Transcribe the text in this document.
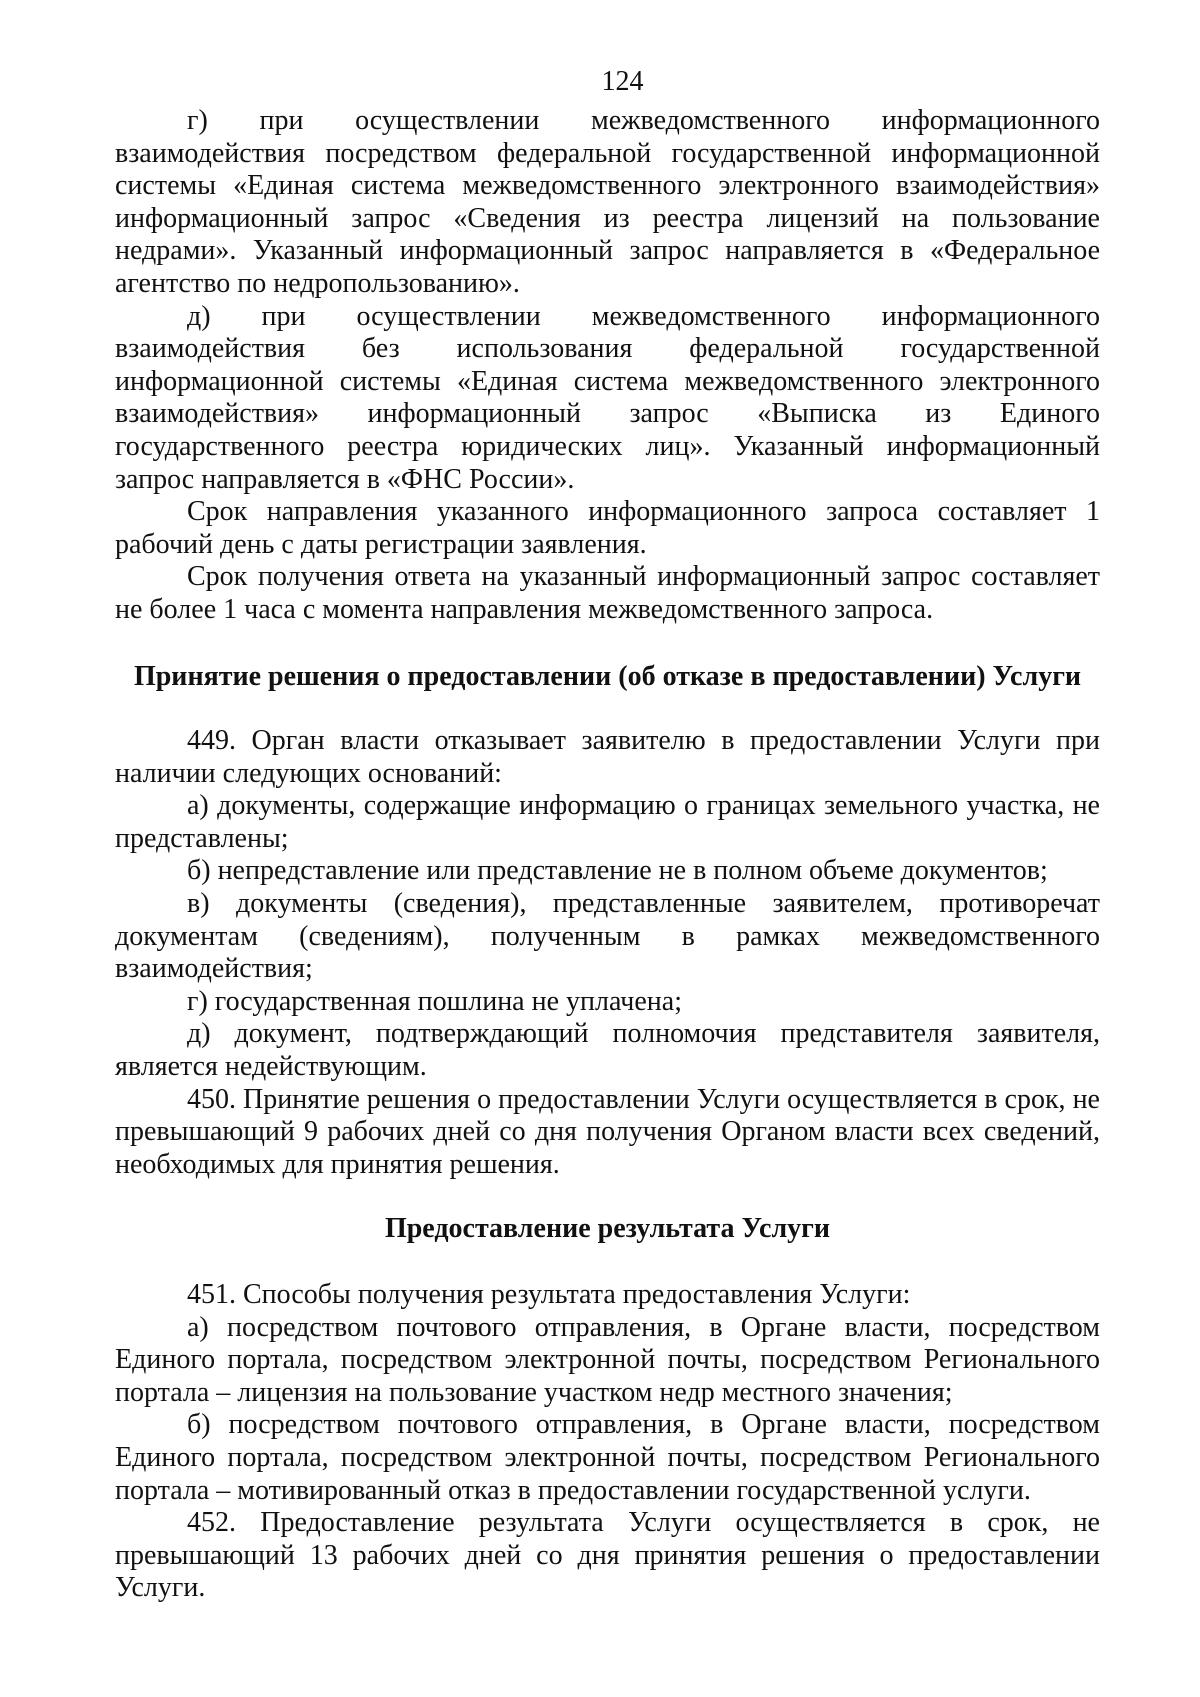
124

г) при осуществлении межведомственного информационного взаимодействия посредством федеральной государственной информационной системы «Единая система межведомственного электронного взаимодействия» информационный запрос «Сведения из реестра лицензий на пользование недрами». Указанный информационный запрос направляется в «Федеральное агентство по недропользованию».

д) при осуществлении межведомственного информационного взаимодействия без использования федеральной государственной информационной системы «Единая система межведомственного электронного взаимодействия» информационный запрос «Выписка из Единого государственного реестра юридических лиц». Указанный информационный запрос направляется в «ФНС России».

Срок направления указанного информационного запроса составляет 1 рабочий день с даты регистрации заявления.

Срок получения ответа на указанный информационный запрос составляет не более 1 часа с момента направления межведомственного запроса.

Принятие решения о предоставлении (об отказе в предоставлении) Услуги

449. Орган власти отказывает заявителю в предоставлении Услуги при наличии следующих оснований:

а) документы, содержащие информацию о границах земельного участка, не представлены;

б) непредставление или представление не в полном объеме документов;

в) документы (сведения), представленные заявителем, противоречат документам (сведениям), полученным в рамках межведомственного взаимодействия;

г) государственная пошлина не уплачена;

д) документ, подтверждающий полномочия представителя заявителя, является недействующим.

450. Принятие решения о предоставлении Услуги осуществляется в срок, не превышающий 9 рабочих дней со дня получения Органом власти всех сведений, необходимых для принятия решения.

Предоставление результата Услуги

451. Способы получения результата предоставления Услуги:

а) посредством почтового отправления, в Органе власти, посредством Единого портала, посредством электронной почты, посредством Регионального портала – лицензия на пользование участком недр местного значения;

б) посредством почтового отправления, в Органе власти, посредством Единого портала, посредством электронной почты, посредством Регионального портала – мотивированный отказ в предоставлении государственной услуги.

452. Предоставление результата Услуги осуществляется в срок, не превышающий 13 рабочих дней со дня принятия решения о предоставлении Услуги.
